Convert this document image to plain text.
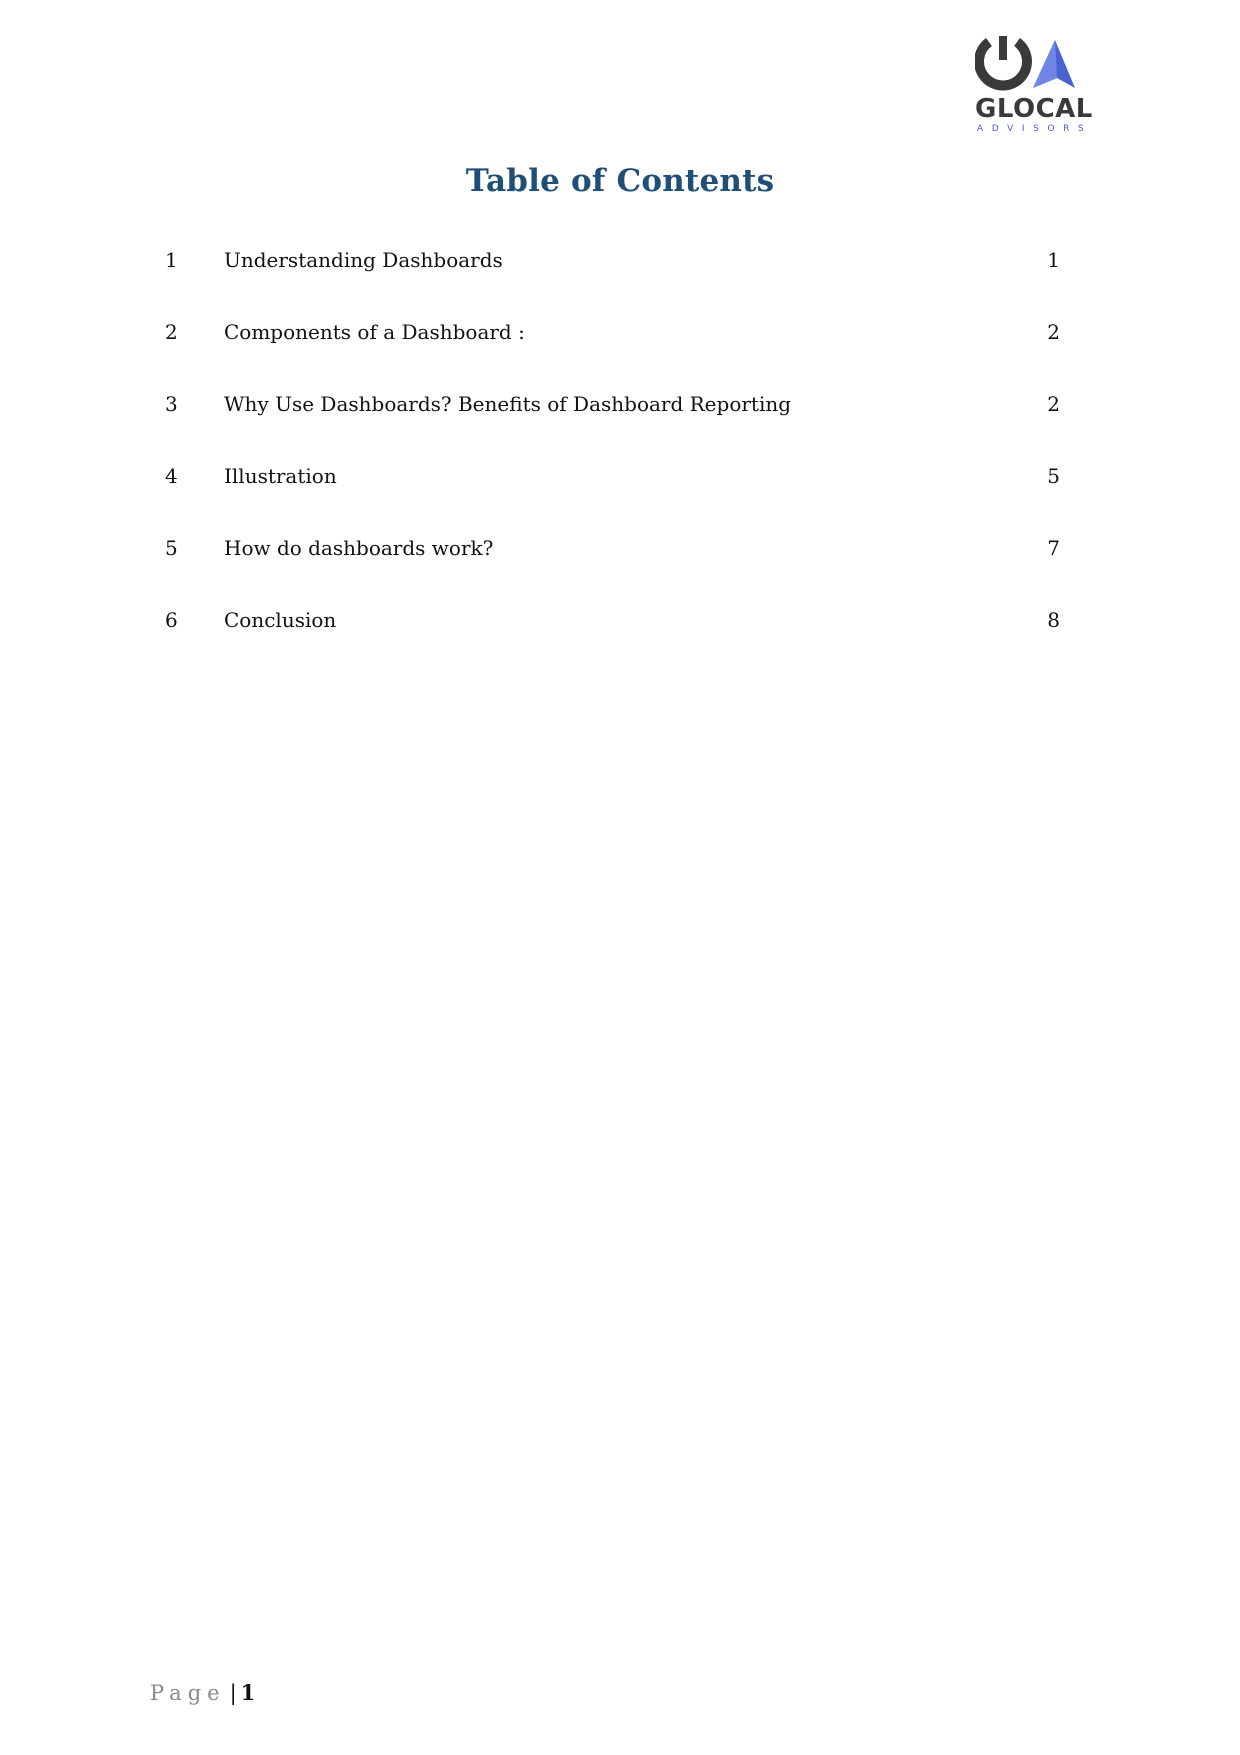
GLOCAL
ADVISORS
Table of Contents
1 Understanding Dashboards	1
2 Components of a Dashboard :	2
3 Why Use Dashboards? Benefits of Dashboard Reporting	2
4 Illustration	5
5 How do dashboards work?	7
6 Conclusion	8
Page | 1
